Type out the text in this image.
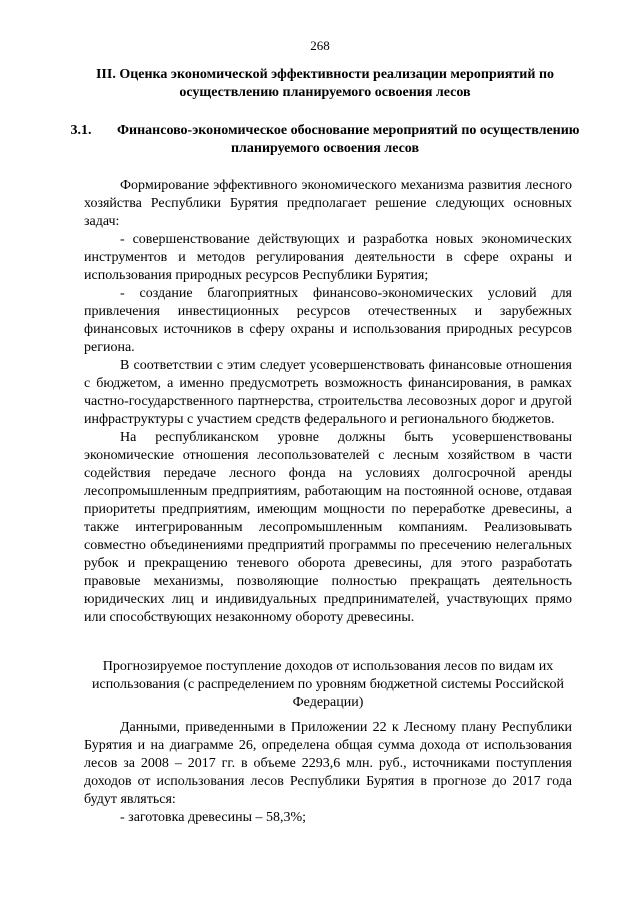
268
III. Оценка экономической эффективности реализации мероприятий по осуществлению планируемого освоения лесов
3.1. Финансово-экономическое обоснование мероприятий по осуществлению планируемого освоения лесов

Формирование эффективного экономического механизма развития лесного хозяйства Республики Бурятия предполагает решение следующих основных задач:

- совершенствование действующих и разработка новых экономических инструментов и методов регулирования деятельности в сфере охраны и использования природных ресурсов Республики Бурятия;

- создание благоприятных финансово-экономических условий для привлечения инвестиционных ресурсов отечественных и зарубежных финансовых источников в сферу охраны и использования природных ресурсов региона.

В соответствии с этим следует усовершенствовать финансовые отношения с бюджетом, а именно предусмотреть возможность финансирования, в рамках частно-государственного партнерства, строительства лесовозных дорог и другой инфраструктуры с участием средств федерального и регионального бюджетов.

На республиканском уровне должны быть усовершенствованы экономические отношения лесопользователей с лесным хозяйством в части содействия передаче лесного фонда на условиях долгосрочной аренды лесопромышленным предприятиям, работающим на постоянной основе, отдавая приоритеты предприятиям, имеющим мощности по переработке древесины, а также интегрированным лесопромышленным компаниям. Реализовывать совместно объединениями предприятий программы по пресечению нелегальных рубок и прекращению теневого оборота древесины, для этого разработать правовые механизмы, позволяющие полностью прекращать деятельность юридических лиц и индивидуальных предпринимателей, участвующих прямо или способствующих незаконному обороту древесины.

Прогнозируемое поступление доходов от использования лесов по видам их использования (с распределением по уровням бюджетной системы Российской Федерации)

Данными, приведенными в Приложении 22 к Лесному плану Республики Бурятия и на диаграмме 26, определена общая сумма дохода от использования лесов за 2008 – 2017 гг. в объеме 2293,6 млн. руб., источниками поступления доходов от использования лесов Республики Бурятия в прогнозе до 2017 года будут являться:

- заготовка древесины – 58,3%;
